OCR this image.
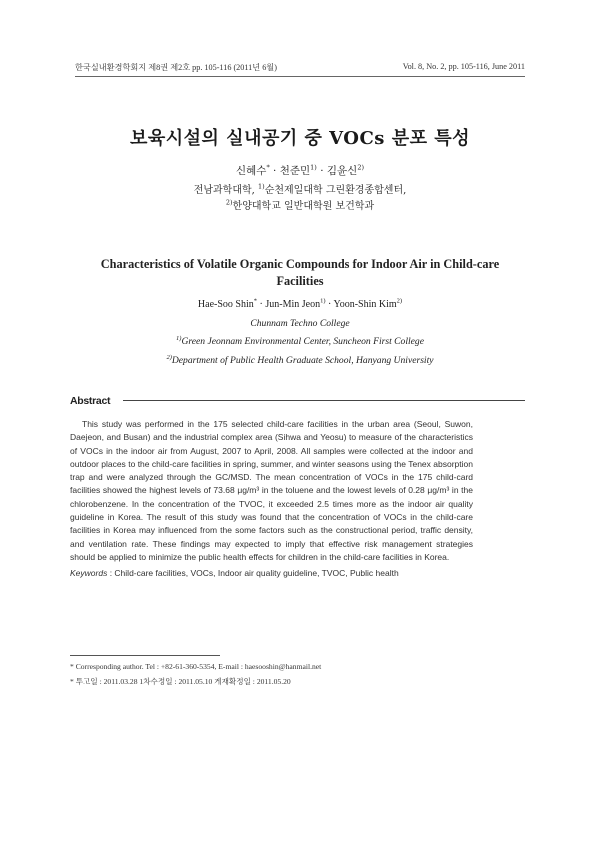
한국실내환경학회지 제8권 제2호 pp. 105-116 (2011년 6월)	Vol. 8, No. 2, pp. 105-116, June 2011
보육시설의 실내공기 중 VOCs 분포 특성
신혜수* · 천준민$^{1)}$ · 김윤신$^{2)}$
전남과학대학, $^{1)}$순천제일대학 그린환경종합센터,
$^{2)}$한양대학교 일반대학원 보건학과
Characteristics of Volatile Organic Compounds for Indoor Air in Child-care Facilities
Hae-Soo Shin* · Jun-Min Jeon$^{1)}$ · Yoon-Shin Kim$^{2)}$
Chunnam Techno College
$^{1)}$Green Jeonnam Environmental Center, Suncheon First College
$^{2)}$Department of Public Health Graduate School, Hanyang University
Abstract
This study was performed in the 175 selected child-care facilities in the urban area (Seoul, Suwon, Daejeon, and Busan) and the industrial complex area (Sihwa and Yeosu) to measure of the characteristics of VOCs in the indoor air from August, 2007 to April, 2008. All samples were collected at the indoor and outdoor places to the child-care facilities in spring, summer, and winter seasons using the Tenex absorption trap and were analyzed through the GC/MSD. The mean concentration of VOCs in the 175 child-card facilities showed the highest levels of 73.68 μg/m³ in the toluene and the lowest levels of 0.28 μg/m³ in the chlorobenzene. In the concentration of the TVOC, it exceeded 2.5 times more as the indoor air quality guideline in Korea. The result of this study was found that the concentration of VOCs in the child-care facilities in Korea may influenced from the some factors such as the constructional period, traffic density, and ventilation rate. These findings may expected to imply that effective risk management strategies should be applied to minimize the public health effects for children in the child-care facilities in Korea.
Keywords : Child-care facilities, VOCs, Indoor air quality guideline, TVOC, Public health
* Corresponding author. Tel : +82-61-360-5354, E-mail : haesooshin@hanmail.net
* 투고일 : 2011.03.28 1차수정일 : 2011.05.10 게재확정일 : 2011.05.20
